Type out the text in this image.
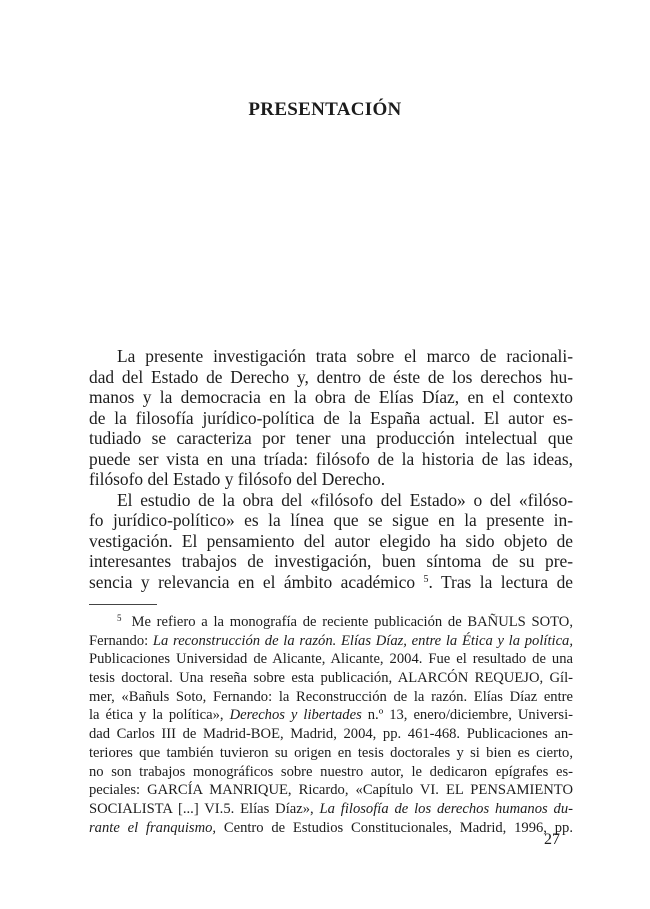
PRESENTACIÓN
La presente investigación trata sobre el marco de racionali-
dad del Estado de Derecho y, dentro de éste de los derechos hu-
manos y la democracia en la obra de Elías Díaz, en el contexto
de la filosofía jurídico-política de la España actual. El autor es-
tudiado se caracteriza por tener una producción intelectual que
puede ser vista en una tríada: filósofo de la historia de las ideas,
filósofo del Estado y filósofo del Derecho.
El estudio de la obra del «filósofo del Estado» o del «filóso-
fo jurídico-político» es la línea que se sigue en la presente in-
vestigación. El pensamiento del autor elegido ha sido objeto de
interesantes trabajos de investigación, buen síntoma de su pre-
sencia y relevancia en el ámbito académico $^5$. Tras la lectura de
$^5$ Me refiero a la monografía de reciente publicación de BAÑULS SOTO,
Fernando: La reconstrucción de la razón. Elías Díaz, entre la Ética y la política,
Publicaciones Universidad de Alicante, Alicante, 2004. Fue el resultado de una
tesis doctoral. Una reseña sobre esta publicación, ALARCÓN REQUEJO, Gíl-
mer, «Bañuls Soto, Fernando: la Reconstrucción de la razón. Elías Díaz entre
la ética y la política», Derechos y libertades n.º 13, enero/diciembre, Universi-
dad Carlos III de Madrid-BOE, Madrid, 2004, pp. 461-468. Publicaciones an-
teriores que también tuvieron su origen en tesis doctorales y si bien es cierto,
no son trabajos monográficos sobre nuestro autor, le dedicaron epígrafes es-
peciales: GARCÍA MANRIQUE, Ricardo, «Capítulo VI. EL PENSAMIENTO
SOCIALISTA [...] VI.5. Elías Díaz», La filosofía de los derechos humanos du-
rante el franquismo, Centro de Estudios Constitucionales, Madrid, 1996, pp.
27
